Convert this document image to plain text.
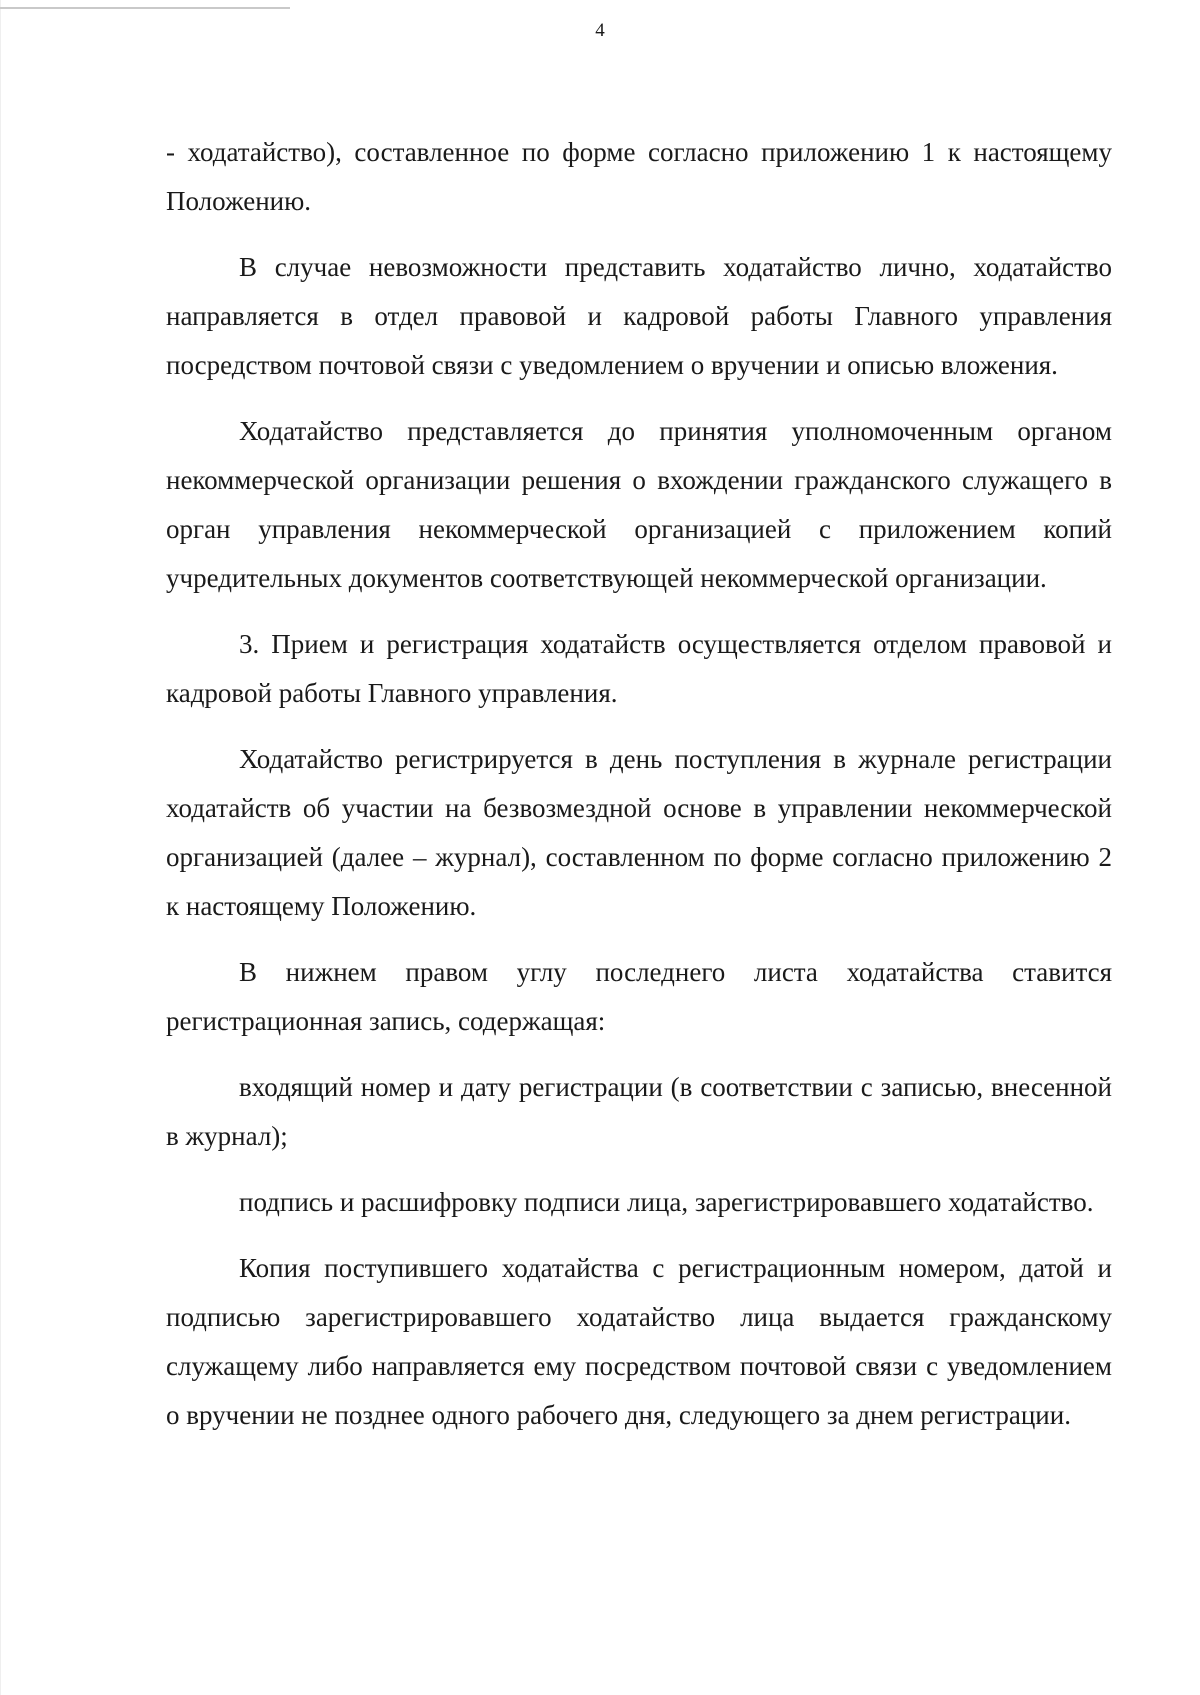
4

- ходатайство), составленное по форме согласно приложению 1 к настоящему Положению.

В случае невозможности представить ходатайство лично, ходатайство направляется в отдел правовой и кадровой работы Главного управления посредством почтовой связи с уведомлением о вручении и описью вложения.

Ходатайство представляется до принятия уполномоченным органом некоммерческой организации решения о вхождении гражданского служащего в орган управления некоммерческой организацией с приложением копий учредительных документов соответствующей некоммерческой организации.

3. Прием и регистрация ходатайств осуществляется отделом правовой и кадровой работы Главного управления.

Ходатайство регистрируется в день поступления в журнале регистрации ходатайств об участии на безвозмездной основе в управлении некоммерческой организацией (далее – журнал), составленном по форме согласно приложению 2 к настоящему Положению.

В нижнем правом углу последнего листа ходатайства ставится регистрационная запись, содержащая:

входящий номер и дату регистрации (в соответствии с записью, внесенной в журнал);

подпись и расшифровку подписи лица, зарегистрировавшего ходатайство.

Копия поступившего ходатайства с регистрационным номером, датой и подписью зарегистрировавшего ходатайство лица выдается гражданскому служащему либо направляется ему посредством почтовой связи с уведомлением о вручении не позднее одного рабочего дня, следующего за днем регистрации.
